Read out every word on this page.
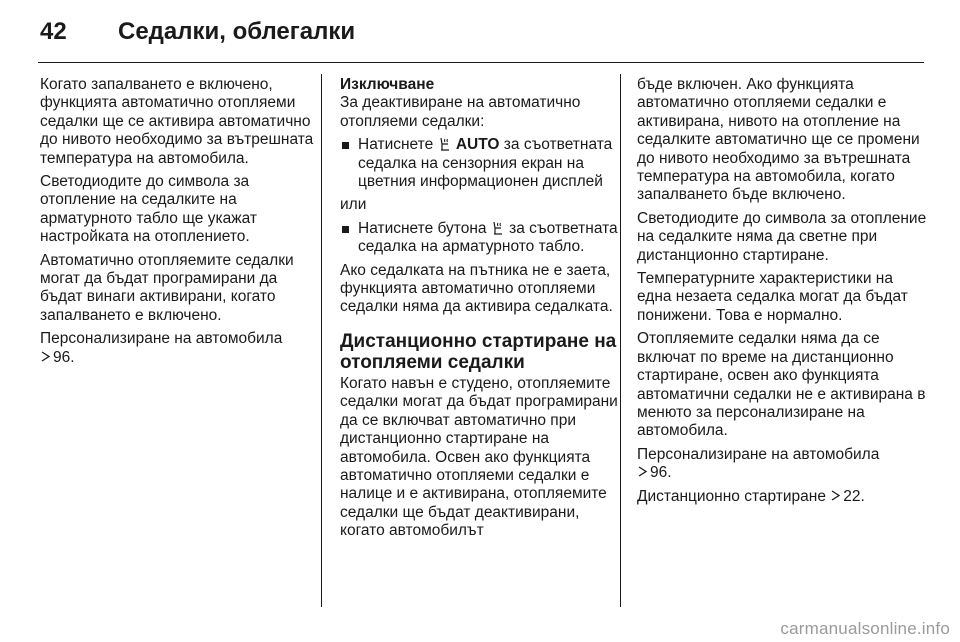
42	Седалки, облегалки

Когато запалването е включено, функцията автоматично отопляеми седалки ще се активира автоматично до нивото необходимо за вътрешната температура на автомобила.

Светодиодите до символа за отопление на седалките на арматурното табло ще укажат настройката на отоплението.

Автоматично отопляемите седалки могат да бъдат програмирани да бъдат винаги активирани, когато запалването е включено.

Персонализиране на автомобила
96.

Изключване

За деактивиране на автоматично отопляеми седалки:

Натиснете AUTO за съответната седалка на сензорния екран на цветния информационен дисплей

или

Натиснете бутона за съответната седалка на арматурното табло.

Ако седалката на пътника не е заета, функцията автоматично отопляеми седалки няма да активира седалката.

Дистанционно стартиране на отопляеми седалки

Когато навън е студено, отопляемите седалки могат да бъдат програмирани да се включват автоматично при дистанционно стартиране на автомобила. Освен ако функцията автоматично отопляеми седалки е налице и е активирана, отопляемите седалки ще бъдат деактивирани, когато автомобилът

бъде включен. Ако функцията автоматично отопляеми седалки е активирана, нивото на отопление на седалките автоматично ще се промени до нивото необходимо за вътрешната температура на автомобила, когато запалването бъде включено.

Светодиодите до символа за отопление на седалките няма да светне при дистанционно стартиране.

Температурните характеристики на една незаета седалка могат да бъдат понижени. Това е нормално.

Отопляемите седалки няма да се включат по време на дистанционно стартиране, освен ако функцията автоматични седалки не е активирана в менюто за персонализиране на автомобила.

Персонализиране на автомобила
96.

Дистанционно стартиране 22.

carmanualsonline.info
